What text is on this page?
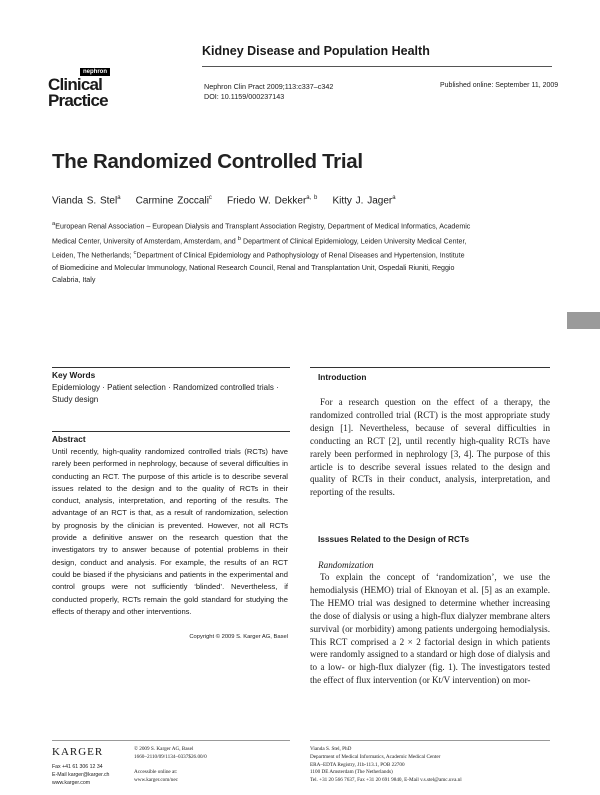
Kidney Disease and Population Health
nephron
Clinical
Practice
Nephron Clin Pract 2009;113:c337–c342
DOI: 10.1159/000237143
Published online: September 11, 2009
The Randomized Controlled Trial
Vianda S. Stel$^a$ Carmine Zoccali$^c$ Friedo W. Dekker$^{a, b}$ Kitty J. Jager$^a$
$^a$European Renal Association – European Dialysis and Transplant Association Registry, Department of Medical Informatics, Academic Medical Center, University of Amsterdam, Amsterdam, and $^b$ Department of Clinical Epidemiology, Leiden University Medical Center, Leiden, The Netherlands; $^c$Department of Clinical Epidemiology and Pathophysiology of Renal Diseases and Hypertension, Institute of Biomedicine and Molecular Immunology, National Research Council, Renal and Transplantation Unit, Ospedali Riuniti, Reggio Calabria, Italy
Key Words
Epidemiology · Patient selection · Randomized controlled trials · Study design
Abstract
Until recently, high-quality randomized controlled trials (RCTs) have rarely been performed in nephrology, because of several difficulties in conducting an RCT. The purpose of this article is to describe several issues related to the design and to the quality of RCTs in their conduct, analysis, interpretation, and reporting of the results. The advantage of an RCT is that, as a result of randomization, selection by prognosis by the clinician is prevented. However, not all RCTs provide a definitive answer on the research question that the investigators try to answer because of potential problems in their design, conduct and analysis. For example, the results of an RCT could be biased if the physicians and patients in the experimental and control groups were not sufficiently ‘blinded’. Nevertheless, if conducted properly, RCTs remain the gold standard for studying the effects of therapy and other interventions.
Copyright © 2009 S. Karger AG, Basel
Introduction
For a research question on the effect of a therapy, the randomized controlled trial (RCT) is the most appropriate study design [1]. Nevertheless, because of several difficulties in conducting an RCT [2], until recently high-quality RCTs have rarely been performed in nephrology [3, 4]. The purpose of this article is to describe several issues related to the design and quality of RCTs in their conduct, analysis, interpretation, and reporting of the results.
Isssues Related to the Design of RCTs
Randomization
To explain the concept of ‘randomization’, we use the hemodialysis (HEMO) trial of Eknoyan et al. [5] as an example. The HEMO trial was designed to determine whether increasing the dose of dialysis or using a high-flux dialyzer membrane alters survival (or morbidity) among patients undergoing hemodialysis. This RCT comprised a 2 × 2 factorial design in which patients were randomly assigned to a standard or high dose of dialysis and to a low- or high-flux dialyzer (fig. 1). The investigators tested the effect of flux intervention (or Kt/V intervention) on mor-
KARGER
Fax +41 61 306 12 34
E-Mail karger@karger.ch
www.karger.com
© 2009 S. Karger AG, Basel
1660–2110/09/1134–0337$26.00/0
Accessible online at:
www.karger.com/nec
Vianda S. Stel, PhD
Department of Medical Informatics, Academic Medical Center
ERA–EDTA Registry, J1b-113.1, POB 22700
1100 DE Amsterdam (The Netherlands)
Tel. +31 20 566 7637, Fax +31 20 691 9840, E-Mail v.s.stel@amc.uva.nl
